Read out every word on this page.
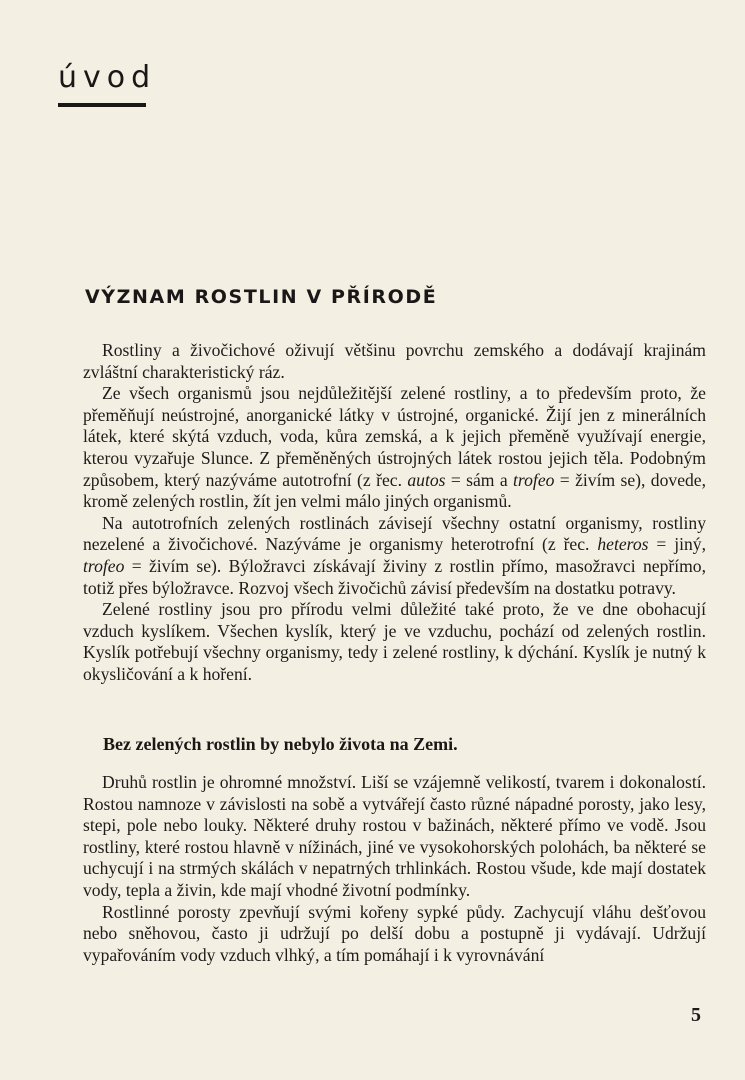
úvod
VÝZNAM ROSTLIN V PŘÍRODĚ

Rostliny a živočichové oživují většinu povrchu zemského a dodávají krajinám zvláštní charakteristický ráz.

Ze všech organismů jsou nejdůležitější zelené rostliny, a to především proto, že přeměňují neústrojné, anorganické látky v ústrojné, organické. Žijí jen z minerálních látek, které skýtá vzduch, voda, kůra zemská, a k jejich přeměně využívají energie, kterou vyzařuje Slunce. Z přeměněných ústrojných látek rostou jejich těla. Podobným způsobem, který nazýváme autotrofní (z řec. autos = sám a trofeo = živím se), dovede, kromě zelených rostlin, žít jen velmi málo jiných organismů.

Na autotrofních zelených rostlinách závisejí všechny ostatní organismy, rostliny nezelené a živočichové. Nazýváme je organismy heterotrofní (z řec. heteros = jiný, trofeo = živím se). Býložravci získávají živiny z rostlin přímo, masožravci nepřímo, totiž přes býložravce. Rozvoj všech živočichů závisí především na dostatku potravy.

Zelené rostliny jsou pro přírodu velmi důležité také proto, že ve dne obohacují vzduch kyslíkem. Všechen kyslík, který je ve vzduchu, pochází od zelených rostlin. Kyslík potřebují všechny organismy, tedy i zelené rostliny, k dýchání. Kyslík je nutný k okysličování a k hoření.

Bez zelených rostlin by nebylo života na Zemi.

Druhů rostlin je ohromné množství. Liší se vzájemně velikostí, tvarem i dokonalostí. Rostou namnoze v závislosti na sobě a vytvářejí často různé nápadné porosty, jako lesy, stepi, pole nebo louky. Některé druhy rostou v bažinách, některé přímo ve vodě. Jsou rostliny, které rostou hlavně v nížinách, jiné ve vysokohorských polohách, ba některé se uchycují i na strmých skálách v nepatrných trhlinkách. Rostou všude, kde mají dostatek vody, tepla a živin, kde mají vhodné životní podmínky.

Rostlinné porosty zpevňují svými kořeny sypké půdy. Zachycují vláhu dešťovou nebo sněhovou, často ji udržují po delší dobu a postupně ji vydávají. Udržují vypařováním vody vzduch vlhký, a tím pomáhají i k vyrovnávání

5
